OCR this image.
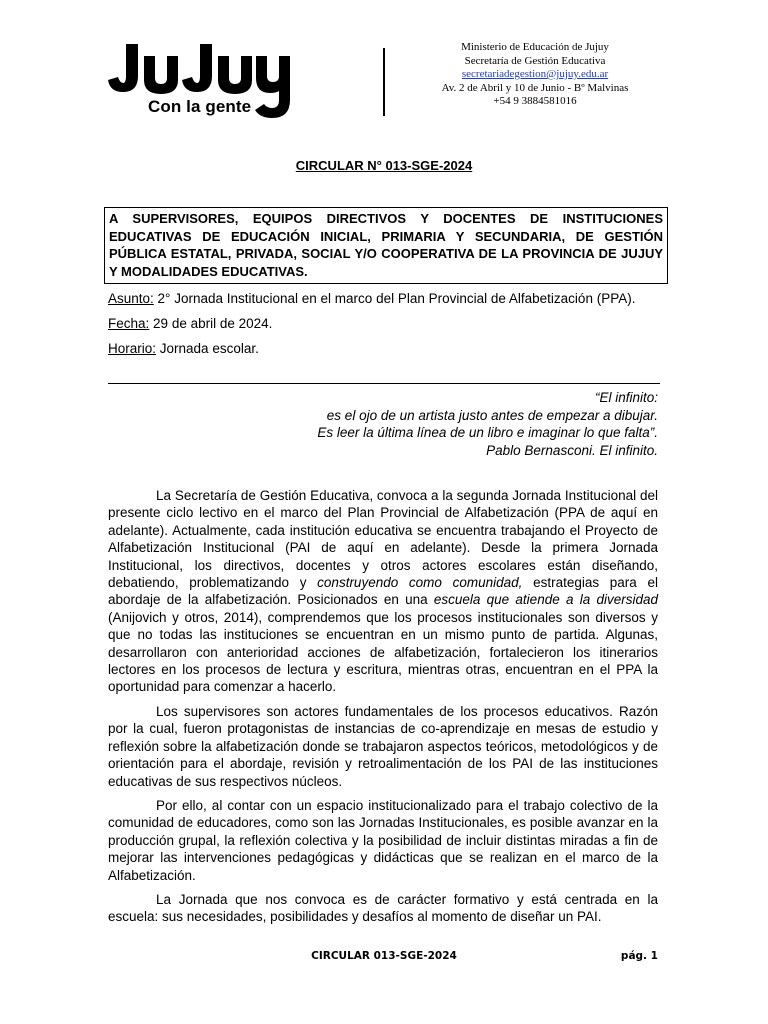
Con la gente
Ministerio de Educación de Jujuy
Secretaría de Gestión Educativa
secretariadegestion@jujuy.edu.ar
Av. 2 de Abril y 10 de Junio - Bº Malvinas
+54 9 3884581016
CIRCULAR N° 013-SGE-2024
A SUPERVISORES, EQUIPOS DIRECTIVOS Y DOCENTES DE INSTITUCIONES EDUCATIVAS DE EDUCACIÓN INICIAL, PRIMARIA Y SECUNDARIA, DE GESTIÓN PÚBLICA ESTATAL, PRIVADA, SOCIAL Y/O COOPERATIVA DE LA PROVINCIA DE JUJUY Y MODALIDADES EDUCATIVAS.
Asunto: 2° Jornada Institucional en el marco del Plan Provincial de Alfabetización (PPA).
Fecha: 29 de abril de 2024.
Horario: Jornada escolar.
“El infinito:
es el ojo de un artista justo antes de empezar a dibujar.
Es leer la última línea de un libro e imaginar lo que falta”.
Pablo Bernasconi. El infinito.

La Secretaría de Gestión Educativa, convoca a la segunda Jornada Institucional del presente ciclo lectivo en el marco del Plan Provincial de Alfabetización (PPA de aquí en adelante). Actualmente, cada institución educativa se encuentra trabajando el Proyecto de Alfabetización Institucional (PAI de aquí en adelante). Desde la primera Jornada Institucional, los directivos, docentes y otros actores escolares están diseñando, debatiendo, problematizando y construyendo como comunidad, estrategias para el abordaje de la alfabetización. Posicionados en una escuela que atiende a la diversidad (Anijovich y otros, 2014), comprendemos que los procesos institucionales son diversos y que no todas las instituciones se encuentran en un mismo punto de partida. Algunas, desarrollaron con anterioridad acciones de alfabetización, fortalecieron los itinerarios lectores en los procesos de lectura y escritura, mientras otras, encuentran en el PPA la oportunidad para comenzar a hacerlo.

Los supervisores son actores fundamentales de los procesos educativos. Razón por la cual, fueron protagonistas de instancias de co-aprendizaje en mesas de estudio y reflexión sobre la alfabetización donde se trabajaron aspectos teóricos, metodológicos y de orientación para el abordaje, revisión y retroalimentación de los PAI de las instituciones educativas de sus respectivos núcleos.

Por ello, al contar con un espacio institucionalizado para el trabajo colectivo de la comunidad de educadores, como son las Jornadas Institucionales, es posible avanzar en la producción grupal, la reflexión colectiva y la posibilidad de incluir distintas miradas a fin de mejorar las intervenciones pedagógicas y didácticas que se realizan en el marco de la Alfabetización.

La Jornada que nos convoca es de carácter formativo y está centrada en la escuela: sus necesidades, posibilidades y desafíos al momento de diseñar un PAI.

CIRCULAR 013-SGE-2024	pág. 1
